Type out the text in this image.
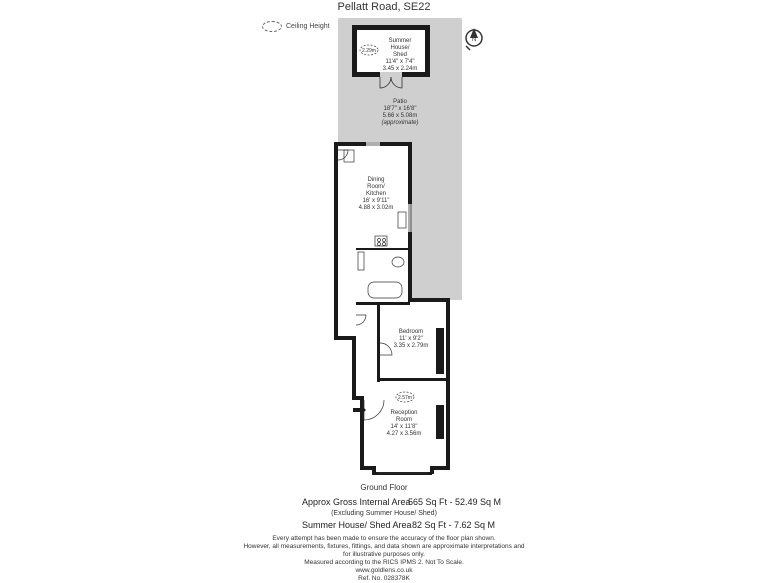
Pellatt Road, SE22
Ceiling Height
N
2.29m
Summer
House/
Shed
11'4" x 7'4"
3.45 x 2.24m
Patio
18'7" x 16'8"
5.66 x 5.08m
(approximate)
Dining
Room/
Kitchen
16' x 9'11"
4.88 x 3.02m
Bedroom
11' x 9'2"
3.35 x 2.79m
2.57m
Reception
Room
14' x 11'8"
4.27 x 3.56m
Ground Floor
Approx Gross Internal Area
565 Sq Ft - 52.49 Sq M
(Excluding Summer House/ Shed)
Summer House/ Shed Area 82 Sq Ft - 7.62 Sq M
Every attempt has been made to ensure the accuracy of the floor plan shown.
However, all measurements, fixtures, fittings, and data shown are approximate interpretations and
for illustrative purposes only.
Measured according to the RICS IPMS 2. Not To Scale.
www.goldlens.co.uk
Ref. No. 028378K
